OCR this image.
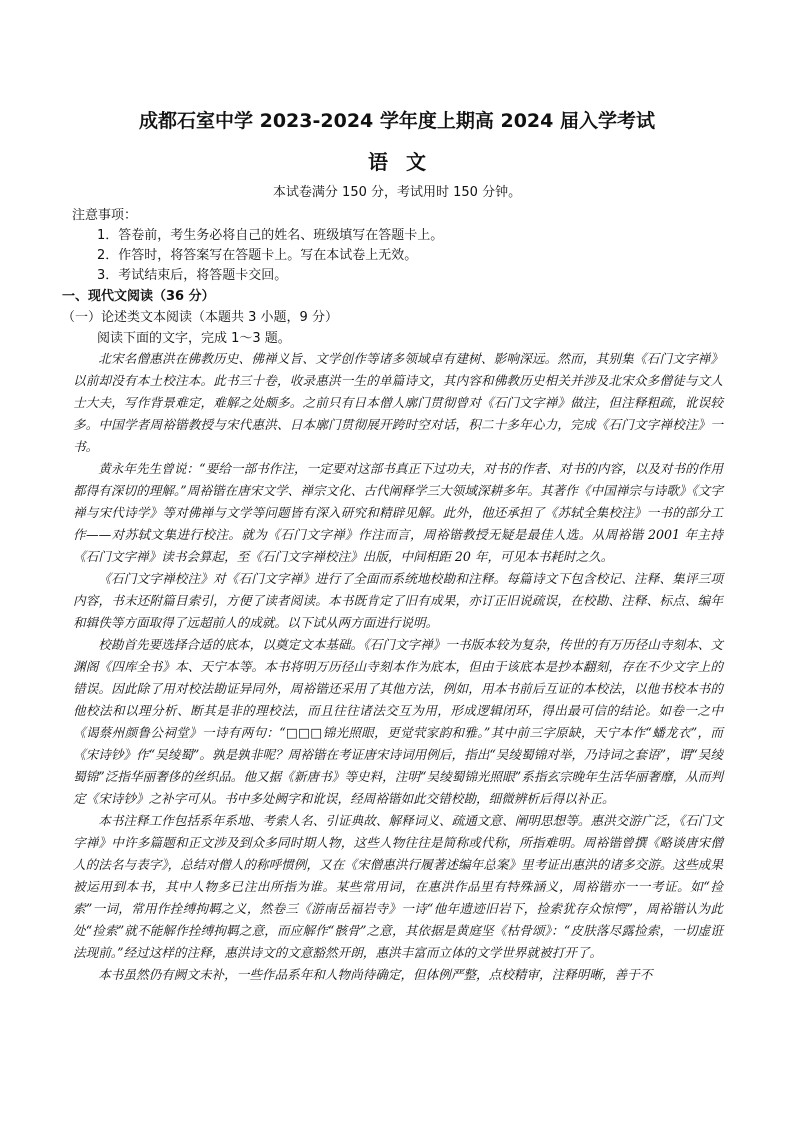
成都石室中学 2023-2024 学年度上期高 2024 届入学考试
语文
本试卷满分 150 分，考试用时 150 分钟。
注意事项：
1．答卷前，考生务必将自己的姓名、班级填写在答题卡上。
2．作答时，将答案写在答题卡上。写在本试卷上无效。
3．考试结束后，将答题卡交回。
一、现代文阅读（36 分）
（一）论述类文本阅读（本题共 3 小题，9 分）
阅读下面的文字，完成 1～3 题。

北宋名僧惠洪在佛教历史、佛禅义旨、文学创作等诸多领域卓有建树、影响深远。然而，其别集《石门文字禅》以前却没有本土校注本。此书三十卷，收录惠洪一生的单篇诗文，其内容和佛教历史相关并涉及北宋众多僧徒与文人士大夫，写作背景难定，难解之处颇多。之前只有日本僧人廓门贯彻曾对《石门文字禅》做注，但注释粗疏，讹误较多。中国学者周裕锴教授与宋代惠洪、日本廓门贯彻展开跨时空对话，积二十多年心力，完成《石门文字禅校注》一书。

黄永年先生曾说：“要给一部书作注，一定要对这部书真正下过功夫，对书的作者、对书的内容，以及对书的作用都得有深切的理解。”周裕锴在唐宋文学、禅宗文化、古代阐释学三大领域深耕多年。其著作《中国禅宗与诗歌》《文字禅与宋代诗学》等对佛禅与文学等问题皆有深入研究和精辟见解。此外，他还承担了《苏轼全集校注》一书的部分工作——对苏轼文集进行校注。就为《石门文字禅》作注而言，周裕锴教授无疑是最佳人选。从周裕锴 2001 年主持《石门文字禅》读书会算起，至《石门文字禅校注》出版，中间相距 20 年，可见本书耗时之久。

《石门文字禅校注》对《石门文字禅》进行了全面而系统地校勘和注释。每篇诗文下包含校记、注释、集评三项内容，书末还附篇目索引，方便了读者阅读。本书既肯定了旧有成果，亦订正旧说疏误，在校勘、注释、标点、编年和辑佚等方面取得了远超前人的成就。以下试从两方面进行说明。

校勘首先要选择合适的底本，以奠定文本基础。《石门文字禅》一书版本较为复杂，传世的有万历径山寺刻本、文渊阁《四库全书》本、天宁本等。本书将明万历径山寺刻本作为底本，但由于该底本是抄本翻刻，存在不少文字上的错误。因此除了用对校法勘证异同外，周裕锴还采用了其他方法，例如，用本书前后互证的本校法，以他书校本书的他校法和以理分析、断其是非的理校法，而且往往诸法交互为用，形成逻辑闭环，得出最可信的结论。如卷一之中《谒蔡州颜鲁公祠堂》一诗有两句：“□□□锦光照眼，更觉茕家韵和雅。”其中前三字原缺，天宁本作“蟠龙衣”，而《宋诗钞》作“吴绫蜀”。孰是孰非呢？周裕锴在考证唐宋诗词用例后，指出“吴绫蜀锦对举，乃诗词之套语”，谓“吴绫蜀锦”泛指华丽奢侈的丝织品。他又据《新唐书》等史料，注明“吴绫蜀锦光照眼”系指玄宗晚年生活华丽奢靡，从而判定《宋诗钞》之补字可从。书中多处阙字和讹误，经周裕锴如此交错校勘，细微辨析后得以补正。

本书注释工作包括系年系地、考索人名、引证典故、解释词义、疏通文意、阐明思想等。惠洪交游广泛，《石门文字禅》中许多篇题和正文涉及到众多同时期人物，这些人物往往是简称或代称，所指难明。周裕锴曾撰《略谈唐宋僧人的法名与表字》，总结对僧人的称呼惯例，又在《宋僧惠洪行履著述编年总案》里考证出惠洪的诸多交游。这些成果被运用到本书，其中人物多已注出所指为谁。某些常用词，在惠洪作品里有特殊涵义，周裕锴亦一一考证。如“捡索”一词，常用作拴缚拘羁之义，然卷三《游南岳福岩寺》一诗“他年遗迹旧岩下，捡索犹存众惊愕”，周裕锴认为此处“捡索”就不能解作拴缚拘羁之意，而应解作“骸骨”之意，其依据是黄庭坚《枯骨颂》：“皮肤落尽露捡索，一切虚诳法现前。”经过这样的注释，惠洪诗文的文意豁然开朗，惠洪丰富而立体的文学世界就被打开了。

本书虽然仍有阙文未补，一些作品系年和人物尚待确定，但体例严整，点校精审，注释明晰，善于不
